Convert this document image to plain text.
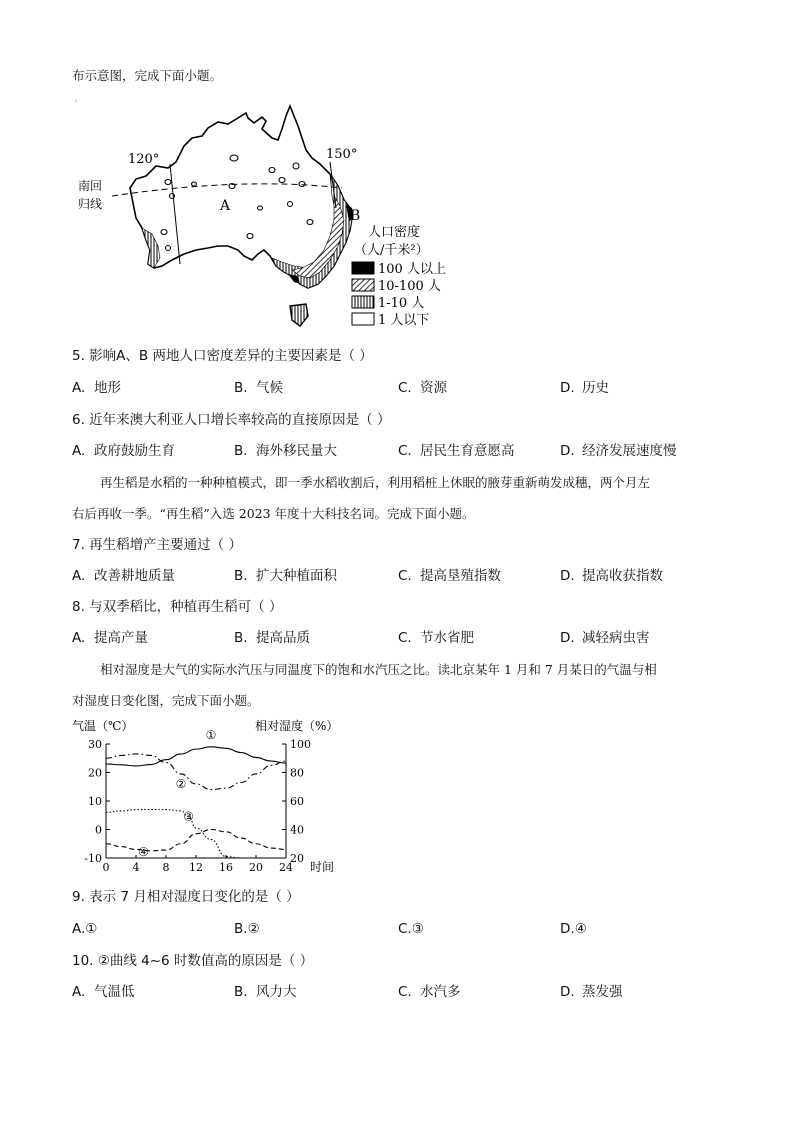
布示意图，完成下面小题。
⌟
120°	150°
南回
归线	A
B
人口密度
（人/千米²）
100 人以上
10-100 人
1-10 人
1 人以下
5. 影响A、B 两地人口密度差异的主要因素是（ ）
A. 地形	B. 气候	C. 资源	D. 历史
6. 近年来澳大利亚人口增长率较高的直接原因是（ ）
A. 政府鼓励生育	B. 海外移民量大	C. 居民生育意愿高	D. 经济发展速度慢
再生稻是水稻的一种种植模式，即一季水稻收割后，利用稻桩上休眠的腋芽重新萌发成穗，两个月左
右后再收一季。“再生稻”入选 2023 年度十大科技名词。完成下面小题。
7. 再生稻增产主要通过（ ）
A. 改善耕地质量	B. 扩大种植面积	C. 提高垦殖指数	D. 提高收获指数
8. 与双季稻比，种植再生稻可（ ）
A. 提高产量	B. 提高品质	C. 节水省肥	D. 减轻病虫害
相对湿度是大气的实际水汽压与同温度下的饱和水汽压之比。读北京某年 1 月和 7 月某日的气温与相
对湿度日变化图，完成下面小题。
气温（℃）	相对湿度（%）
时间
30
20
10
0
-10
100
80
60
40
20
0 4 8 12 16 20 24
①
②
③
④
9. 表示 7 月相对湿度日变化的是（ ）
A.①	B.②	C.③	D.④
10. ②曲线 4~6 时数值高的原因是（ ）
A. 气温低	B. 风力大	C. 水汽多	D. 蒸发强
